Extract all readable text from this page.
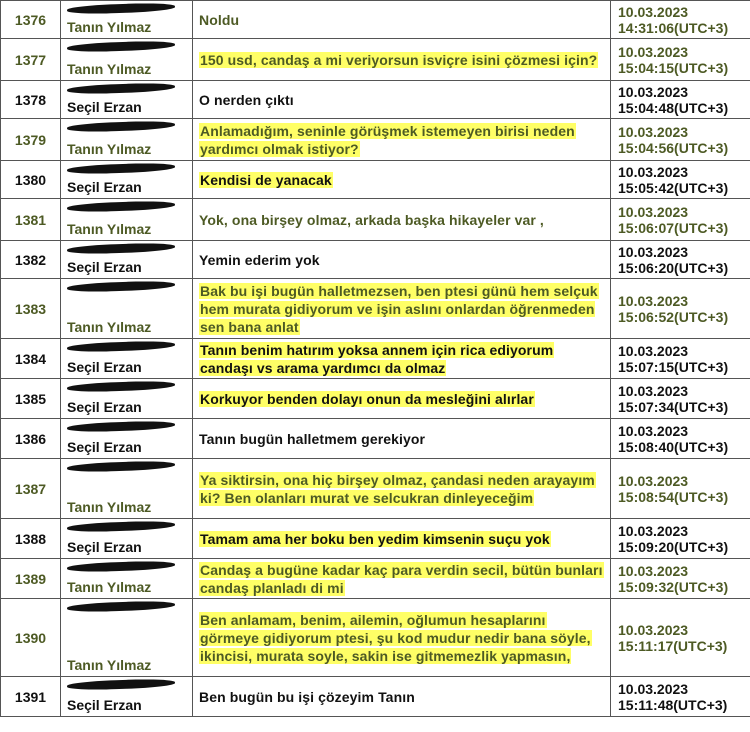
1376	Tanın Yılmaz	Noldu	10.03.2023
14:31:06(UTC+3)

1377	Tanın Yılmaz	150 usd, candaş a mi veriyorsun isviçre isini çözmesi için?	10.03.2023
15:04:15(UTC+3)

1378	Seçil Erzan	O nerden çıktı	10.03.2023
15:04:48(UTC+3)

1379	Tanın Yılmaz	Anlamadığım, seninle görüşmek istemeyen birisi neden yardımcı olmak istiyor?	10.03.2023
15:04:56(UTC+3)

1380	Seçil Erzan	Kendisi de yanacak	10.03.2023
15:05:42(UTC+3)

1381	Tanın Yılmaz	Yok, ona birşey olmaz, arkada başka hikayeler var ,	10.03.2023
15:06:07(UTC+3)

1382	Seçil Erzan	Yemin ederim yok	10.03.2023
15:06:20(UTC+3)

1383	Tanın Yılmaz	Bak bu işi bugün halletmezsen, ben ptesi günü hem selçuk hem murata gidiyorum ve işin aslını onlardan öğrenmeden sen bana anlat	10.03.2023
15:06:52(UTC+3)

1384	Seçil Erzan	Tanın benim hatırım yoksa annem için rica ediyorum candaşı vs arama yardımcı da olmaz	10.03.2023
15:07:15(UTC+3)

1385	Seçil Erzan	Korkuyor benden dolayı onun da mesleğini alırlar	10.03.2023
15:07:34(UTC+3)

1386	Seçil Erzan	Tanın bugün halletmem gerekiyor	10.03.2023
15:08:40(UTC+3)

1387	Tanın Yılmaz	Ya siktirsin, ona hiç birşey olmaz, çandasi neden arayayım ki? Ben olanları murat ve selcukran dinleyeceğim	10.03.2023
15:08:54(UTC+3)

1388	Seçil Erzan	Tamam ama her boku ben yedim kimsenin suçu yok	10.03.2023
15:09:20(UTC+3)

1389	Tanın Yılmaz	Candaş a bugüne kadar kaç para verdin secil, bütün bunları candaş planladı di mi	10.03.2023
15:09:32(UTC+3)

1390	Tanın Yılmaz	Ben anlamam, benim, ailemin, oğlumun hesaplarını görmeye gidiyorum ptesi, şu kod mudur nedir bana söyle, ikincisi, murata soyle, sakin ise gitmemezlik yapmasın,	10.03.2023
15:11:17(UTC+3)

1391	Seçil Erzan	Ben bugün bu işi çözeyim Tanın	10.03.2023
15:11:48(UTC+3)
